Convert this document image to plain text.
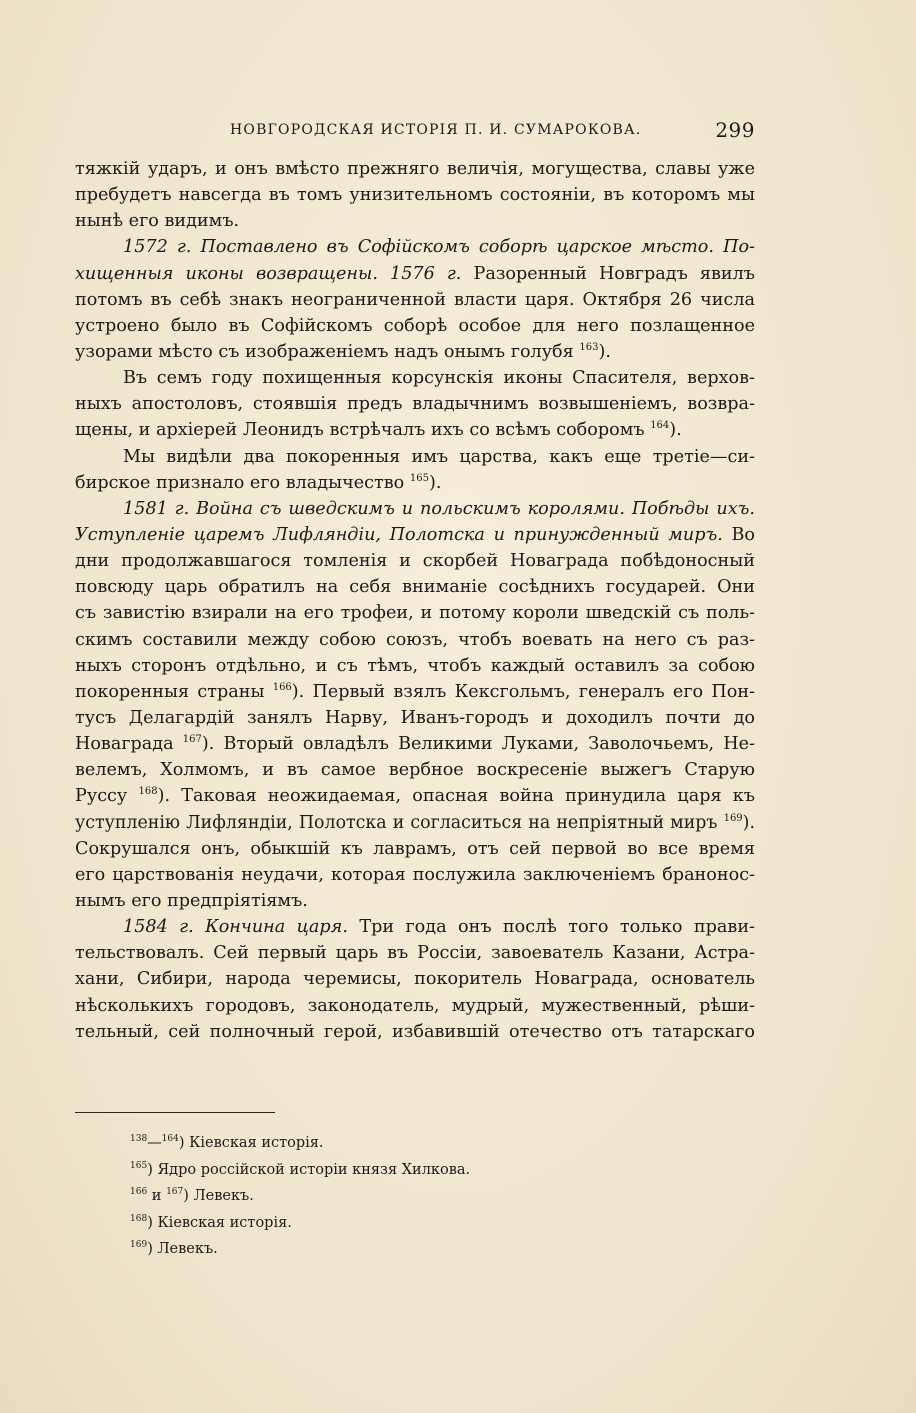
НОВГОРОДСКАЯ ИСТОРІЯ П. И. СУМАРОКОВА.	299
тяжкій ударъ, и онъ вмѣсто прежняго величія, могущества, славы уже
пребудетъ навсегда въ томъ унизительномъ состояніи, въ которомъ мы
нынѣ его видимъ.
1572 г. Поставлено въ Софійскомъ соборѣ царское мѣсто. По-
хищенныя иконы возвращены. 1576 г. Разоренный Новградъ явилъ
потомъ въ себѣ знакъ неограниченной власти царя. Октября 26 числа
устроено было въ Софійскомъ соборѣ особое для него позлащенное
узорами мѣсто съ изображеніемъ надъ онымъ голубя $^{163}$).
Въ семъ году похищенныя корсунскія иконы Спасителя, верхов-
ныхъ апостоловъ, стоявшія предъ владычнимъ возвышеніемъ, возвра-
щены, и архіерей Леонидъ встрѣчалъ ихъ со всѣмъ соборомъ $^{164}$).
Мы видѣли два покоренныя имъ царства, какъ еще третіе—си-
бирское признало его владычество $^{165}$).
1581 г. Война съ шведскимъ и польскимъ королями. Побѣды ихъ.
Уступленіе царемъ Лифляндіи, Полотска и принужденный миръ. Во
дни продолжавшагося томленія и скорбей Новаграда побѣдоносный
повсюду царь обратилъ на себя вниманіе сосѣднихъ государей. Они
съ завистію взирали на его трофеи, и потому короли шведскій съ поль-
скимъ составили между собою союзъ, чтобъ воевать на него съ раз-
ныхъ сторонъ отдѣльно, и съ тѣмъ, чтобъ каждый оставилъ за собою
покоренныя страны $^{166}$). Первый взялъ Кексгольмъ, генералъ его Пон-
тусъ Делагардій занялъ Нарву, Иванъ-городъ и доходилъ почти до
Новаграда $^{167}$). Вторый овладѣлъ Великими Луками, Заволочьемъ, Не-
велемъ, Холмомъ, и въ самое вербное воскресеніе выжегъ Старую
Руссу $^{168}$). Таковая неожидаемая, опасная война принудила царя къ
уступленію Лифляндіи, Полотска и согласиться на непріятный миръ $^{169}$).
Сокрушался онъ, обыкшій къ лаврамъ, отъ сей первой во все время
его царствованія неудачи, которая послужила заключеніемъ бранонос-
нымъ его предпріятіямъ.
1584 г. Кончина царя. Три года онъ послѣ того только прави-
тельствовалъ. Сей первый царь въ Россіи, завоеватель Казани, Астра-
хани, Сибири, народа черемисы, покоритель Новаграда, основатель
нѣсколькихъ городовъ, законодатель, мудрый, мужественный, рѣши-
тельный, сей полночный герой, избавившій отечество отъ татарскаго
$^{138}$—$^{164}$) Кіевская исторія.
$^{165}$) Ядро россійской исторіи князя Хилкова.
$^{166}$ и $^{167}$) Левекъ.
$^{168}$) Кіевская исторія.
$^{169}$) Левекъ.
